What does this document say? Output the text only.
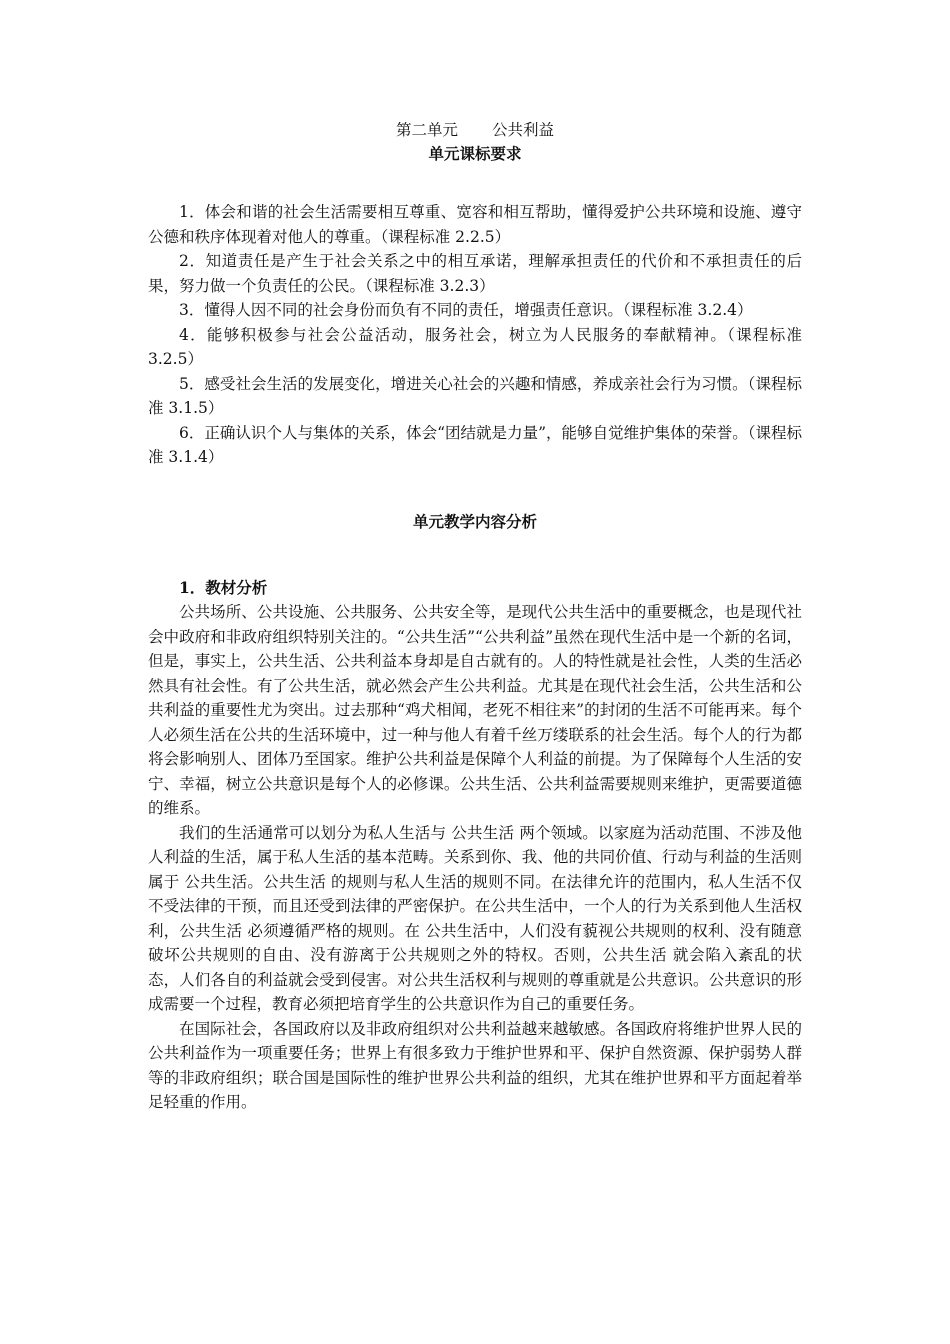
第二单元 公共利益

单元课标要求

1．体会和谐的社会生活需要相互尊重、宽容和相互帮助，懂得爱护公共环境和设施、遵守公德和秩序体现着对他人的尊重。（课程标准 2.2.5）

2．知道责任是产生于社会关系之中的相互承诺，理解承担责任的代价和不承担责任的后果，努力做一个负责任的公民。（课程标准 3.2.3）

3．懂得人因不同的社会身份而负有不同的责任，增强责任意识。（课程标准 3.2.4）

4．能够积极参与社会公益活动，服务社会，树立为人民服务的奉献精神。（课程标准 3.2.5）

5．感受社会生活的发展变化，增进关心社会的兴趣和情感，养成亲社会行为习惯。（课程标准 3.1.5）

6．正确认识个人与集体的关系，体会“团结就是力量”，能够自觉维护集体的荣誉。（课程标准 3.1.4）

单元教学内容分析

1．教材分析

公共场所、公共设施、公共服务、公共安全等，是现代公共生活中的重要概念，也是现代社会中政府和非政府组织特别关注的。“公共生活”“公共利益”虽然在现代生活中是一个新的名词，但是，事实上，公共生活、公共利益本身却是自古就有的。人的特性就是社会性，人类的生活必然具有社会性。有了公共生活，就必然会产生公共利益。尤其是在现代社会生活，公共生活和公共利益的重要性尤为突出。过去那种“鸡犬相闻，老死不相往来”的封闭的生活不可能再来。每个人必须生活在公共的生活环境中，过一种与他人有着千丝万缕联系的社会生活。每个人的行为都将会影响别人、团体乃至国家。维护公共利益是保障个人利益的前提。为了保障每个人生活的安宁、幸福，树立公共意识是每个人的必修课。公共生活、公共利益需要规则来维护，更需要道德的维系。

我们的生活通常可以划分为私人生活与 公共生活 两个领域。以家庭为活动范围、不涉及他人利益的生活，属于私人生活的基本范畴。关系到你、我、他的共同价值、行动与利益的生活则属于 公共生活。公共生活 的规则与私人生活的规则不同。在法律允许的范围内，私人生活不仅不受法律的干预，而且还受到法律的严密保护。在公共生活中，一个人的行为关系到他人生活权利，公共生活 必须遵循严格的规则。在 公共生活中，人们没有藐视公共规则的权利、没有随意破坏公共规则的自由、没有游离于公共规则之外的特权。否则，公共生活 就会陷入紊乱的状态，人们各自的利益就会受到侵害。对公共生活权利与规则的尊重就是公共意识。公共意识的形成需要一个过程，教育必须把培育学生的公共意识作为自己的重要任务。

在国际社会，各国政府以及非政府组织对公共利益越来越敏感。各国政府将维护世界人民的公共利益作为一项重要任务；世界上有很多致力于维护世界和平、保护自然资源、保护弱势人群等的非政府组织；联合国是国际性的维护世界公共利益的组织，尤其在维护世界和平方面起着举足轻重的作用。
